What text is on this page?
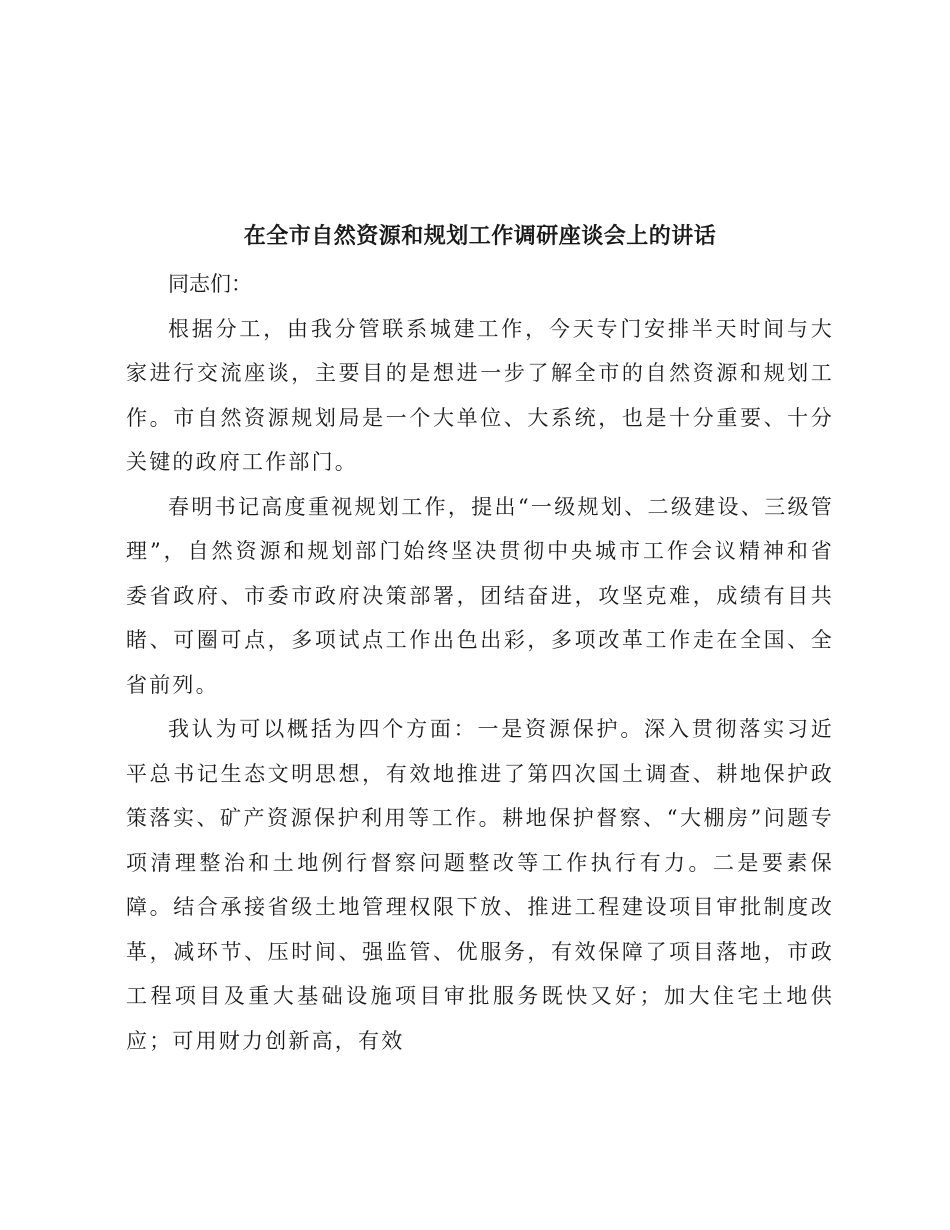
在全市自然资源和规划工作调研座谈会上的讲话

同志们：

根据分工，由我分管联系城建工作，今天专门安排半天时间与大家进行交流座谈，主要目的是想进一步了解全市的自然资源和规划工作。市自然资源规划局是一个大单位、大系统，也是十分重要、十分关键的政府工作部门。

春明书记高度重视规划工作，提出“一级规划、二级建设、三级管理”，自然资源和规划部门始终坚决贯彻中央城市工作会议精神和省委省政府、市委市政府决策部署，团结奋进，攻坚克难，成绩有目共睹、可圈可点，多项试点工作出色出彩，多项改革工作走在全国、全省前列。

我认为可以概括为四个方面：一是资源保护。深入贯彻落实习近平总书记生态文明思想，有效地推进了第四次国土调查、耕地保护政策落实、矿产资源保护利用等工作。耕地保护督察、“大棚房”问题专项清理整治和土地例行督察问题整改等工作执行有力。二是要素保障。结合承接省级土地管理权限下放、推进工程建设项目审批制度改革，减环节、压时间、强监管、优服务，有效保障了项目落地，市政工程项目及重大基础设施项目审批服务既快又好；加大住宅土地供应；可用财力创新高，有效
